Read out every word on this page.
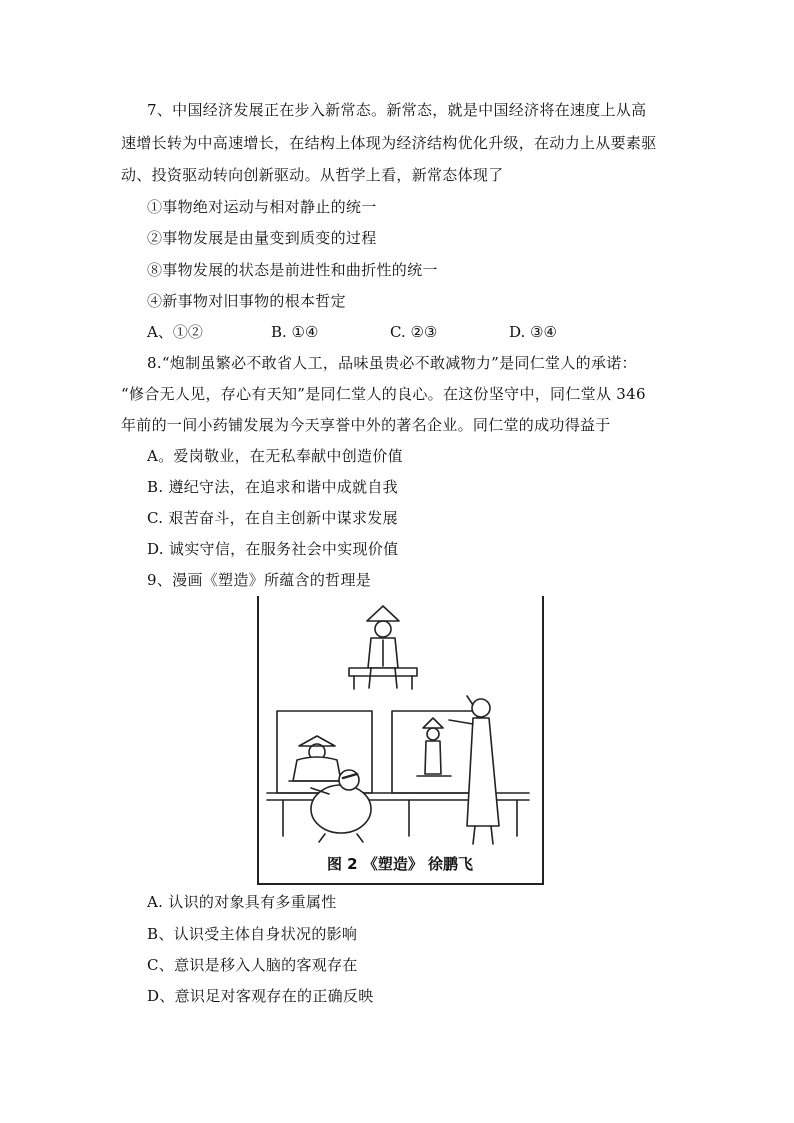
7、中国经济发展正在步入新常态。新常态，就是中国经济将在速度上从高
速增长转为中高速增长，在结构上体现为经济结构优化升级，在动力上从要素驱
动、投资驱动转向创新驱动。从哲学上看，新常态体现了
①事物绝对运动与相对静止的统一
②事物发展是由量变到质变的过程
⑧事物发展的状态是前进性和曲折性的统一
④新事物对旧事物的根本哲定
A、①②	B. ①④	C. ②③	D. ③④
8.“炮制虽繁必不敢省人工，品味虽贵必不敢减物力”是同仁堂人的承诺：
“修合无人见，存心有天知”是同仁堂人的良心。在这份坚守中，同仁堂从 346
年前的一间小药铺发展为今天享誉中外的著名企业。同仁堂的成功得益于
A。爱岗敬业，在无私奉献中创造价值
B. 遵纪守法，在追求和谐中成就自我
C. 艰苦奋斗，在自主创新中谋求发展
D. 诚实守信，在服务社会中实现价值
9、漫画《塑造》所蕴含的哲理是
图 2 《塑造》 徐鹏飞
A. 认识的对象具有多重属性
B、认识受主体自身状况的影响
C、意识是移入人脑的客观存在
D、意识足对客观存在的正确反映
